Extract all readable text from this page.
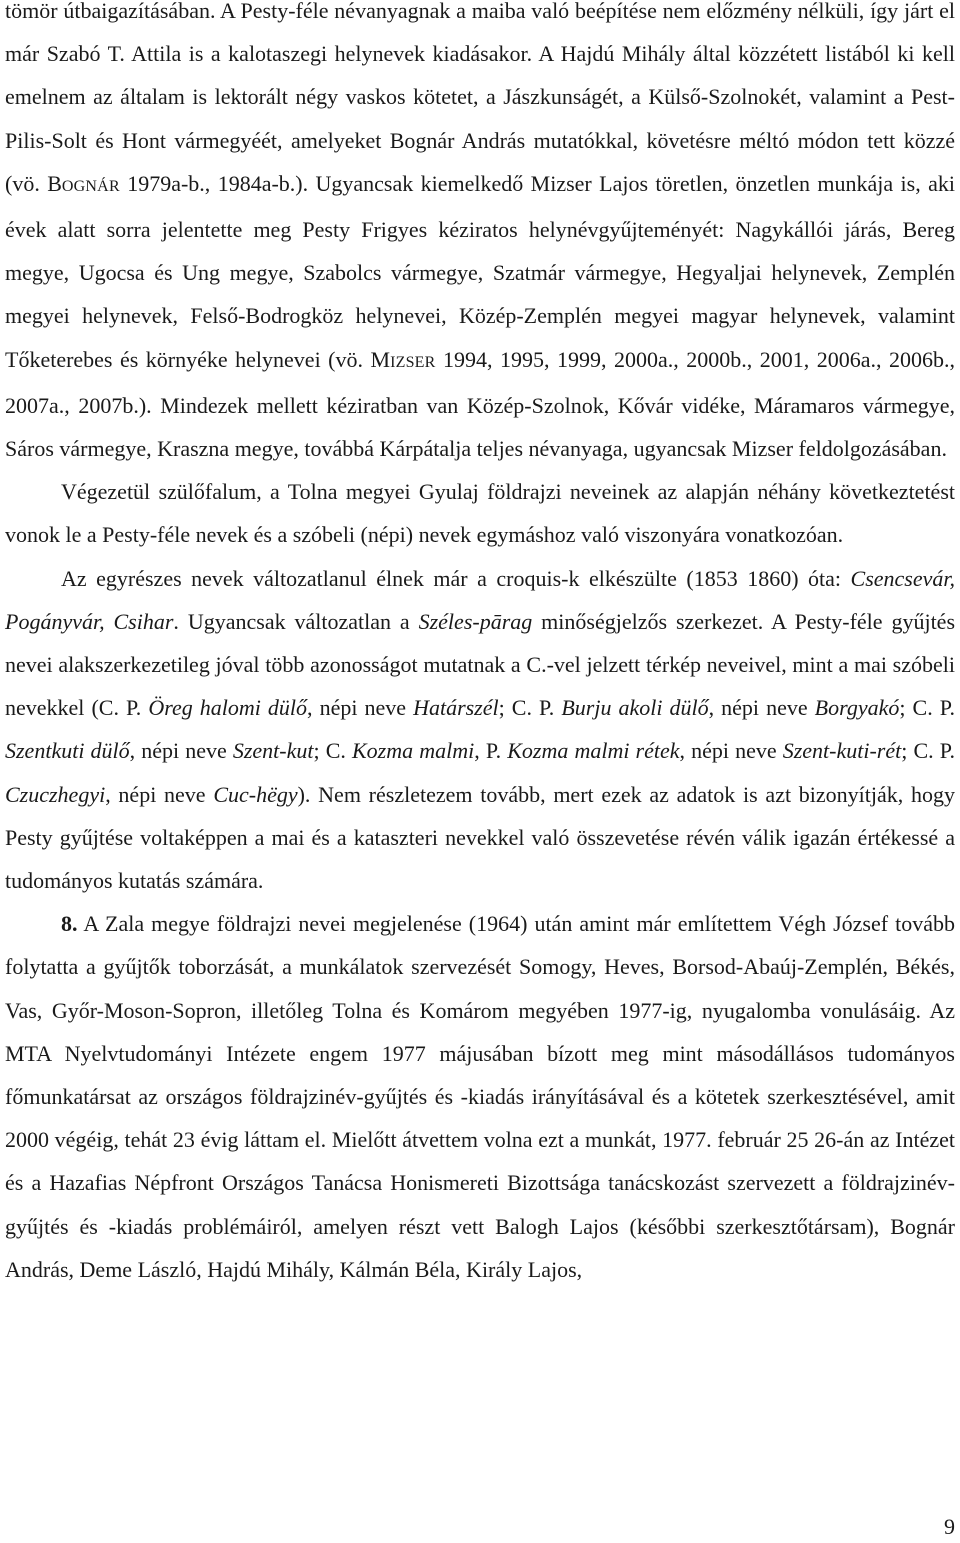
tömör útbaigazításában. A Pesty-féle névanyagnak a maiba való beépítése nem előzmény nélküli, így járt el már Szabó T. Attila is a kalotaszegi helynevek kiadásakor. A Hajdú Mihály által közzétett listából ki kell emelnem az általam is lektorált négy vaskos kötetet, a Jászkunságét, a Külső-Szolnokét, valamint a Pest-Pilis-Solt és Hont vármegyéét, amelyeket Bognár András mutatókkal, követésre méltó módon tett közzé (vö. BOGNÁR 1979a-b., 1984a-b.). Ugyancsak kiemelkedő Mizser Lajos töretlen, önzetlen munkája is, aki évek alatt sorra jelentette meg Pesty Frigyes kéziratos helynévgyűjteményét: Nagykállói járás, Bereg megye, Ugocsa és Ung megye, Szabolcs vármegye, Szatmár vármegye, Hegyaljai helynevek, Zemplén megyei helynevek, Felső-Bodrogköz helynevei, Közép-Zemplén megyei magyar helynevek, valamint Tőketerebes és környéke helynevei (vö. MIZSER 1994, 1995, 1999, 2000a., 2000b., 2001, 2006a., 2006b., 2007a., 2007b.). Mindezek mellett kéziratban van Közép-Szolnok, Kővár vidéke, Máramaros vármegye, Sáros vármegye, Kraszna megye, továbbá Kárpátalja teljes névanyaga, ugyancsak Mizser feldolgozásában.

Végezetül szülőfalum, a Tolna megyei Gyulaj földrajzi neveinek az alapján néhány következtetést vonok le a Pesty-féle nevek és a szóbeli (népi) nevek egymáshoz való viszonyára vonatkozóan.

Az egyrészes nevek változatlanul élnek már a croquis-k elkészülte (1853 1860) óta: Csencsevár, Pogányvár, Csihar. Ugyancsak változatlan a Széles-pārag minőségjelzős szerkezet. A Pesty-féle gyűjtés nevei alakszerkezetileg jóval több azonosságot mutatnak a C.-vel jelzett térkép neveivel, mint a mai szóbeli nevekkel (C. P. Öreg halomi dülő, népi neve Határszél; C. P. Burju akoli dülő, népi neve Borgyakó; C. P. Szentkuti dülő, népi neve Szent-kut; C. Kozma malmi, P. Kozma malmi rétek, népi neve Szent-kuti-rét; C. P. Czuczhegyi, népi neve Cuc-hëgy). Nem részletezem tovább, mert ezek az adatok is azt bizonyítják, hogy Pesty gyűjtése voltaképpen a mai és a kataszteri nevekkel való összevetése révén válik igazán értékessé a tudományos kutatás számára.

8. A Zala megye földrajzi nevei megjelenése (1964) után amint már említettem Végh József tovább folytatta a gyűjtők toborzását, a munkálatok szervezését Somogy, Heves, Borsod-Abaúj-Zemplén, Békés, Vas, Győr-Moson-Sopron, illetőleg Tolna és Komárom megyében 1977-ig, nyugalomba vonulásáig. Az MTA Nyelvtudományi Intézete engem 1977 májusában bízott meg mint másodállásos tudományos főmunkatársat az országos földrajzinév-gyűjtés és -kiadás irányításával és a kötetek szerkesztésével, amit 2000 végéig, tehát 23 évig láttam el. Mielőtt átvettem volna ezt a munkát, 1977. február 25 26-án az Intézet és a Hazafias Népfront Országos Tanácsa Honismereti Bizottsága tanácskozást szervezett a földrajzinév-gyűjtés és -kiadás problémáiról, amelyen részt vett Balogh Lajos (későbbi szerkesztőtársam), Bognár András, Deme László, Hajdú Mihály, Kálmán Béla, Király Lajos,

9
